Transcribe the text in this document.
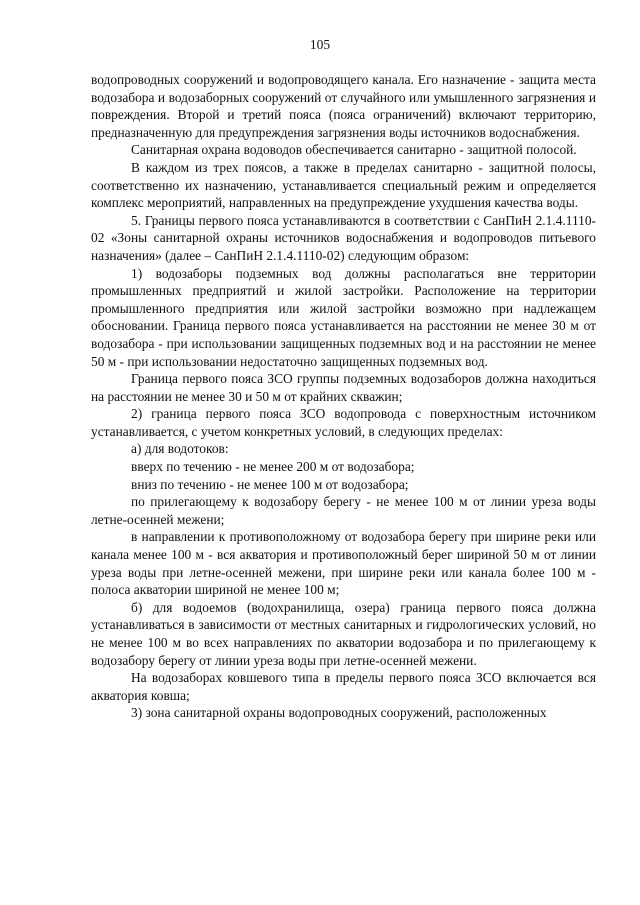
105

водопроводных сооружений и водопроводящего канала. Его назначение - защита места водозабора и водозаборных сооружений от случайного или умышленного загрязнения и повреждения. Второй и третий пояса (пояса ограничений) включают территорию, предназначенную для предупреждения загрязнения воды источников водоснабжения.

Санитарная охрана водоводов обеспечивается санитарно - защитной полосой.

В каждом из трех поясов, а также в пределах санитарно - защитной полосы, соответственно их назначению, устанавливается специальный режим и определяется комплекс мероприятий, направленных на предупреждение ухудшения качества воды.

5. Границы первого пояса устанавливаются в соответствии с СанПиН 2.1.4.1110-02 «Зоны санитарной охраны источников водоснабжения и водопроводов питьевого назначения» (далее – СанПиН 2.1.4.1110-02) следующим образом:

1) водозаборы подземных вод должны располагаться вне территории промышленных предприятий и жилой застройки. Расположение на территории промышленного предприятия или жилой застройки возможно при надлежащем обосновании. Граница первого пояса устанавливается на расстоянии не менее 30 м от водозабора - при использовании защищенных подземных вод и на расстоянии не менее 50 м - при использовании недостаточно защищенных подземных вод.

Граница первого пояса ЗСО группы подземных водозаборов должна находиться на расстоянии не менее 30 и 50 м от крайних скважин;

2) граница первого пояса ЗСО водопровода с поверхностным источником устанавливается, с учетом конкретных условий, в следующих пределах:

а) для водотоков:

вверх по течению - не менее 200 м от водозабора;

вниз по течению - не менее 100 м от водозабора;

по прилегающему к водозабору берегу - не менее 100 м от линии уреза воды летне-осенней межени;

в направлении к противоположному от водозабора берегу при ширине реки или канала менее 100 м - вся акватория и противоположный берег шириной 50 м от линии уреза воды при летне-осенней межени, при ширине реки или канала более 100 м - полоса акватории шириной не менее 100 м;

б) для водоемов (водохранилища, озера) граница первого пояса должна устанавливаться в зависимости от местных санитарных и гидрологических условий, но не менее 100 м во всех направлениях по акватории водозабора и по прилегающему к водозабору берегу от линии уреза воды при летне-осенней межени.

На водозаборах ковшевого типа в пределы первого пояса ЗСО включается вся акватория ковша;

3) зона санитарной охраны водопроводных сооружений, расположенных
